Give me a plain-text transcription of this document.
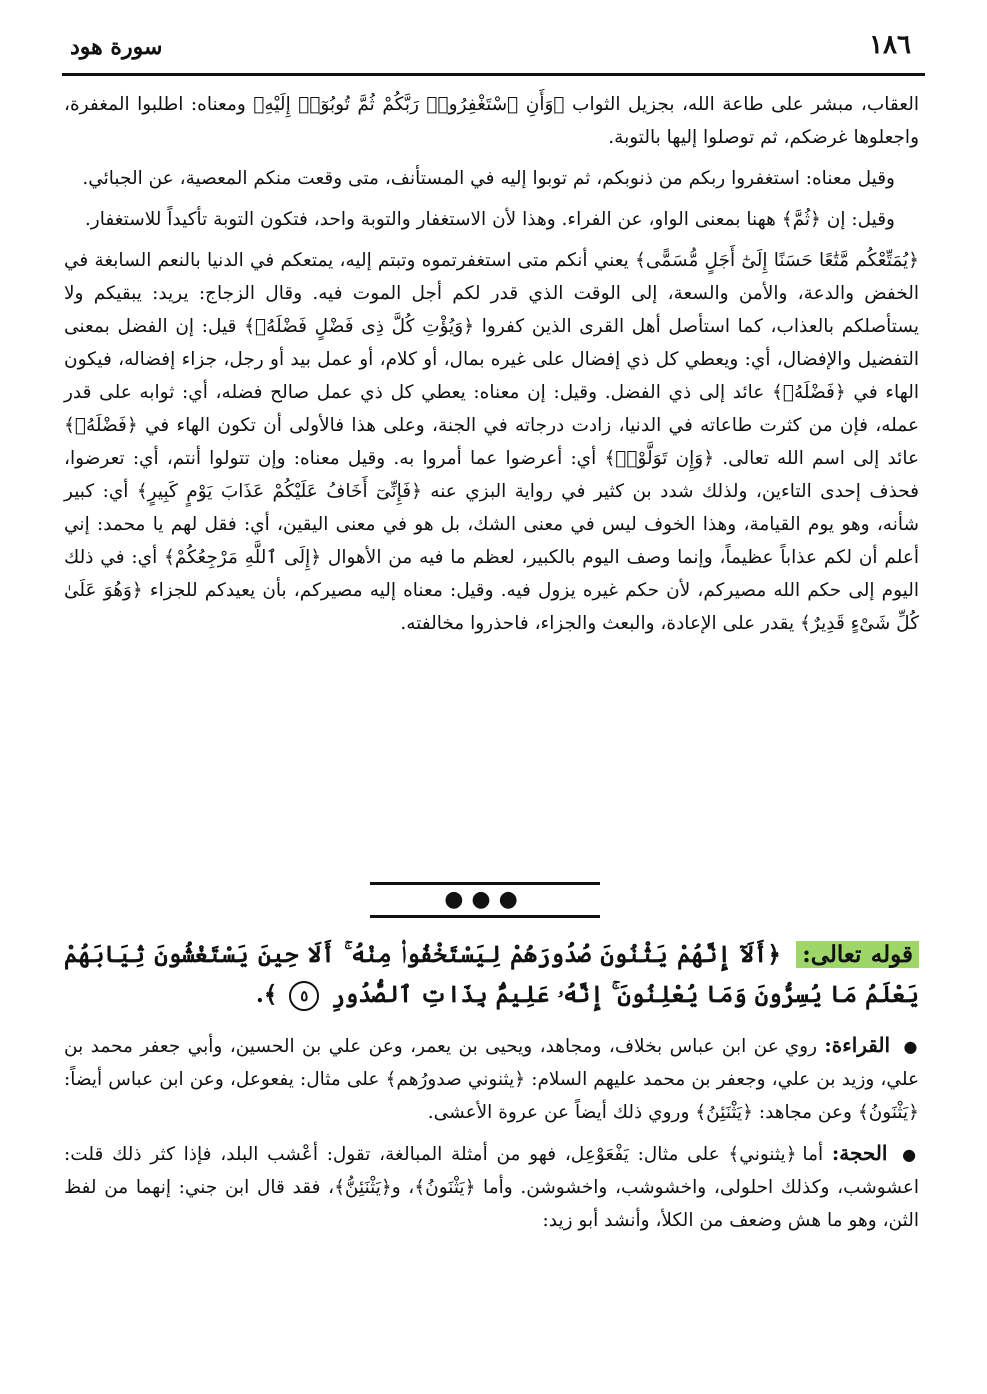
١٨٦
سورة هود

العقاب، مبشر على طاعة الله، بجزيل الثواب ﴿وَأَنِ ٱسْتَغْفِرُوا۟ رَبَّكُمْ ثُمَّ تُوبُوٓا۟ إِلَيْهِ﴾ ومعناه: اطلبوا المغفرة، واجعلوها غرضكم، ثم توصلوا إليها بالتوبة.

وقيل معناه: استغفروا ربكم من ذنوبكم، ثم توبوا إليه في المستأنف، متى وقعت منكم المعصية، عن الجبائي.

وقيل: إن ﴿ثُمَّ﴾ ههنا بمعنى الواو، عن الفراء. وهذا لأن الاستغفار والتوبة واحد، فتكون التوبة تأكيداً للاستغفار.

﴿يُمَتِّعْكُم مَّتَٰعًا حَسَنًا إِلَىٰٓ أَجَلٍ مُّسَمًّى﴾ يعني أنكم متى استغفرتموه وتبتم إليه، يمتعكم في الدنيا بالنعم السابغة في الخفض والدعة، والأمن والسعة، إلى الوقت الذي قدر لكم أجل الموت فيه. وقال الزجاج: يريد: يبقيكم ولا يستأصلكم بالعذاب، كما استأصل أهل القرى الذين كفروا ﴿وَيُؤْتِ كُلَّ ذِى فَضْلٍ فَضْلَهُۥ﴾ قيل: إن الفضل بمعنى التفضيل والإفضال، أي: ويعطي كل ذي إفضال على غيره بمال، أو كلام، أو عمل بيد أو رجل، جزاء إفضاله، فيكون الهاء في ﴿فَضْلَهُۥ﴾ عائد إلى ذي الفضل. وقيل: إن معناه: يعطي كل ذي عمل صالح فضله، أي: ثوابه على قدر عمله، فإن من كثرت طاعاته في الدنيا، زادت درجاته في الجنة، وعلى هذا فالأولى أن تكون الهاء في ﴿فَضْلَهُۥ﴾ عائد إلى اسم الله تعالى. ﴿وَإِن تَوَلَّوْا۟﴾ أي: أعرضوا عما أمروا به. وقيل معناه: وإن تتولوا أنتم، أي: تعرضوا، فحذف إحدى التاءين، ولذلك شدد بن كثير في رواية البزي عنه ﴿فَإِنِّىٓ أَخَافُ عَلَيْكُمْ عَذَابَ يَوْمٍ كَبِيرٍ﴾ أي: كبير شأنه، وهو يوم القيامة، وهذا الخوف ليس في معنى الشك، بل هو في معنى اليقين، أي: فقل لهم يا محمد: إني أعلم أن لكم عذاباً عظيماً، وإنما وصف اليوم بالكبير، لعظم ما فيه من الأهوال ﴿إِلَى ٱللَّهِ مَرْجِعُكُمْ﴾ أي: في ذلك اليوم إلى حكم الله مصيركم، لأن حكم غيره يزول فيه. وقيل: معناه إليه مصيركم، بأن يعيدكم للجزاء ﴿وَهُوَ عَلَىٰ كُلِّ شَىْءٍ قَدِيرٌ﴾ يقدر على الإعادة، والبعث والجزاء، فاحذروا مخالفته.

●●●
قوله تعالى: ﴿أَلَآ إِنَّهُمْ يَثْنُونَ صُدُورَهُمْ لِيَسْتَخْفُوا۟ مِنْهُ ۚ أَلَا حِينَ يَسْتَغْشُونَ ثِيَابَهُمْ يَعْلَمُ مَا يُسِرُّونَ وَمَا يُعْلِنُونَ ۚ إِنَّهُۥ عَلِيمٌۢ بِذَاتِ ٱلصُّدُورِ ٥ ﴾.

● القراءة: روي عن ابن عباس بخلاف، ومجاهد، ويحيى بن يعمر، وعن علي بن الحسين، وأبي جعفر محمد بن علي، وزيد بن علي، وجعفر بن محمد عليهم السلام: ﴿يثنوني صدورُهم﴾ على مثال: يفعوعل، وعن ابن عباس أيضاً: ﴿يَثْنَونُ﴾ وعن مجاهد: ﴿يَثْنَئِنُ﴾ وروي ذلك أيضاً عن عروة الأعشى.

● الحجة: أما ﴿يثنوني﴾ على مثال: يَفْعَوْعِل، فهو من أمثلة المبالغة، تقول: أعْشب البلد، فإذا كثر ذلك قلت: اعشوشب، وكذلك احلولى، واخشوشب، واخشوشن. وأما ﴿يَثْنَونُ﴾، و﴿يَثْنَئِنُّ﴾، فقد قال ابن جني: إنهما من لفظ الثن، وهو ما هش وضعف من الكلأ، وأنشد أبو زيد:
